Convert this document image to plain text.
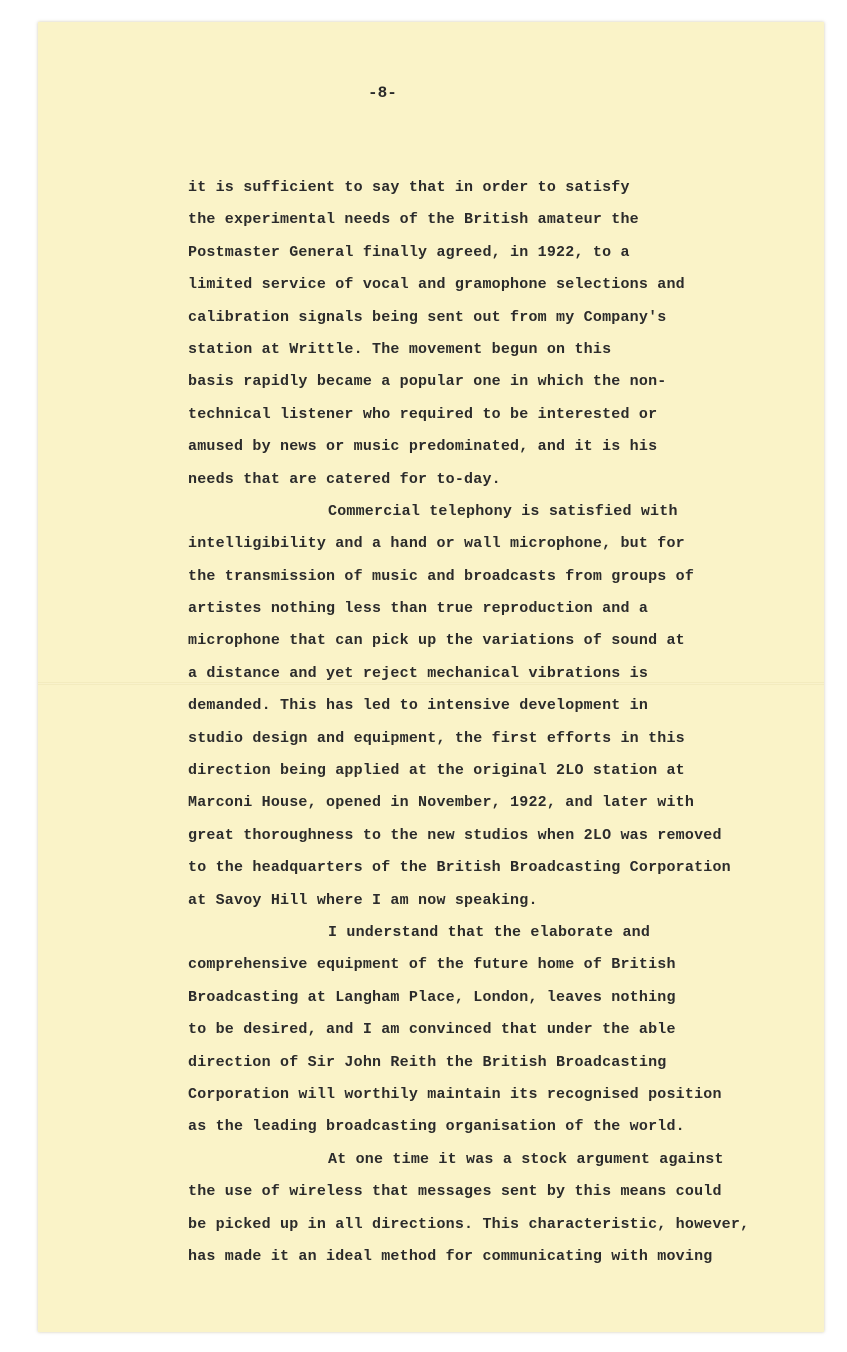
-8-
it is sufficient to say that in order to satisfy
the experimental needs of the British amateur the
Postmaster General finally agreed, in 1922, to a
limited service of vocal and gramophone selections and
calibration signals being sent out from my Company's
station at Writtle. The movement begun on this
basis rapidly became a popular one in which the non-
technical listener who required to be interested or
amused by news or music predominated, and it is his
needs that are catered for to-day.
Commercial telephony is satisfied with
intelligibility and a hand or wall microphone, but for
the transmission of music and broadcasts from groups of
artistes nothing less than true reproduction and a
microphone that can pick up the variations of sound at
a distance and yet reject mechanical vibrations is
demanded. This has led to intensive development in
studio design and equipment, the first efforts in this
direction being applied at the original 2LO station at
Marconi House, opened in November, 1922, and later with
great thoroughness to the new studios when 2LO was removed
to the headquarters of the British Broadcasting Corporation
at Savoy Hill where I am now speaking.
I understand that the elaborate and
comprehensive equipment of the future home of British
Broadcasting at Langham Place, London, leaves nothing
to be desired, and I am convinced that under the able
direction of Sir John Reith the British Broadcasting
Corporation will worthily maintain its recognised position
as the leading broadcasting organisation of the world.
At one time it was a stock argument against
the use of wireless that messages sent by this means could
be picked up in all directions. This characteristic, however,
has made it an ideal method for communicating with moving
